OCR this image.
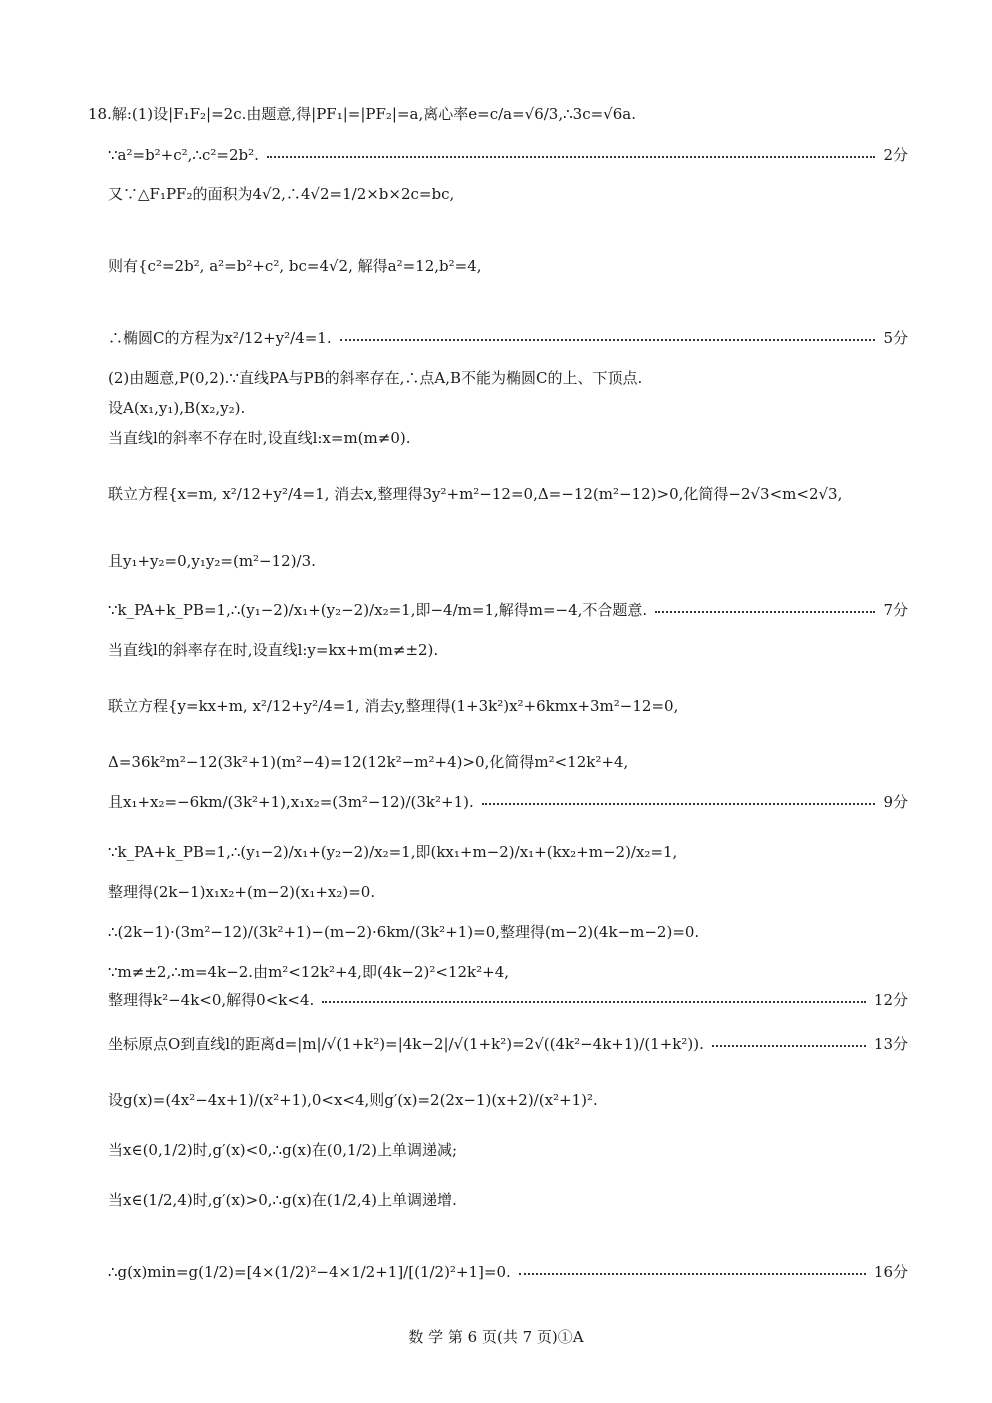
18.解:(1)设|F₁F₂|=2c.由题意,得|PF₁|=|PF₂|=a,离心率e=c/a=√6/3,∴3c=√6a.
∵a²=b²+c²,∴c²=2b².	2分
又∵△F₁PF₂的面积为4√2,∴4√2=1/2×b×2c=bc,
则有{c²=2b², a²=b²+c², bc=4√2, 解得a²=12,b²=4,
∴椭圆C的方程为x²/12+y²/4=1.	5分
(2)由题意,P(0,2).∵直线PA与PB的斜率存在,∴点A,B不能为椭圆C的上、下顶点.
设A(x₁,y₁),B(x₂,y₂).
当直线l的斜率不存在时,设直线l:x=m(m≠0).
联立方程{x=m, x²/12+y²/4=1, 消去x,整理得3y²+m²−12=0,Δ=−12(m²−12)>0,化简得−2√3<m<2√3,
且y₁+y₂=0,y₁y₂=(m²−12)/3.
∵k_PA+k_PB=1,∴(y₁−2)/x₁+(y₂−2)/x₂=1,即−4/m=1,解得m=−4,不合题意.	7分
当直线l的斜率存在时,设直线l:y=kx+m(m≠±2).
联立方程{y=kx+m, x²/12+y²/4=1, 消去y,整理得(1+3k²)x²+6kmx+3m²−12=0,
Δ=36k²m²−12(3k²+1)(m²−4)=12(12k²−m²+4)>0,化简得m²<12k²+4,
且x₁+x₂=−6km/(3k²+1),x₁x₂=(3m²−12)/(3k²+1).	9分
∵k_PA+k_PB=1,∴(y₁−2)/x₁+(y₂−2)/x₂=1,即(kx₁+m−2)/x₁+(kx₂+m−2)/x₂=1,
整理得(2k−1)x₁x₂+(m−2)(x₁+x₂)=0.
∴(2k−1)·(3m²−12)/(3k²+1)−(m−2)·6km/(3k²+1)=0,整理得(m−2)(4k−m−2)=0.
∵m≠±2,∴m=4k−2.由m²<12k²+4,即(4k−2)²<12k²+4,
整理得k²−4k<0,解得0<k<4.	12分
坐标原点O到直线l的距离d=|m|/√(1+k²)=|4k−2|/√(1+k²)=2√((4k²−4k+1)/(1+k²)).	13分
设g(x)=(4x²−4x+1)/(x²+1),0<x<4,则g′(x)=2(2x−1)(x+2)/(x²+1)².
当x∈(0,1/2)时,g′(x)<0,∴g(x)在(0,1/2)上单调递减;
当x∈(1/2,4)时,g′(x)>0,∴g(x)在(1/2,4)上单调递增.
∴g(x)min=g(1/2)=[4×(1/2)²−4×1/2+1]/[(1/2)²+1]=0.	16分
数 学 第 6 页(共 7 页)①A
